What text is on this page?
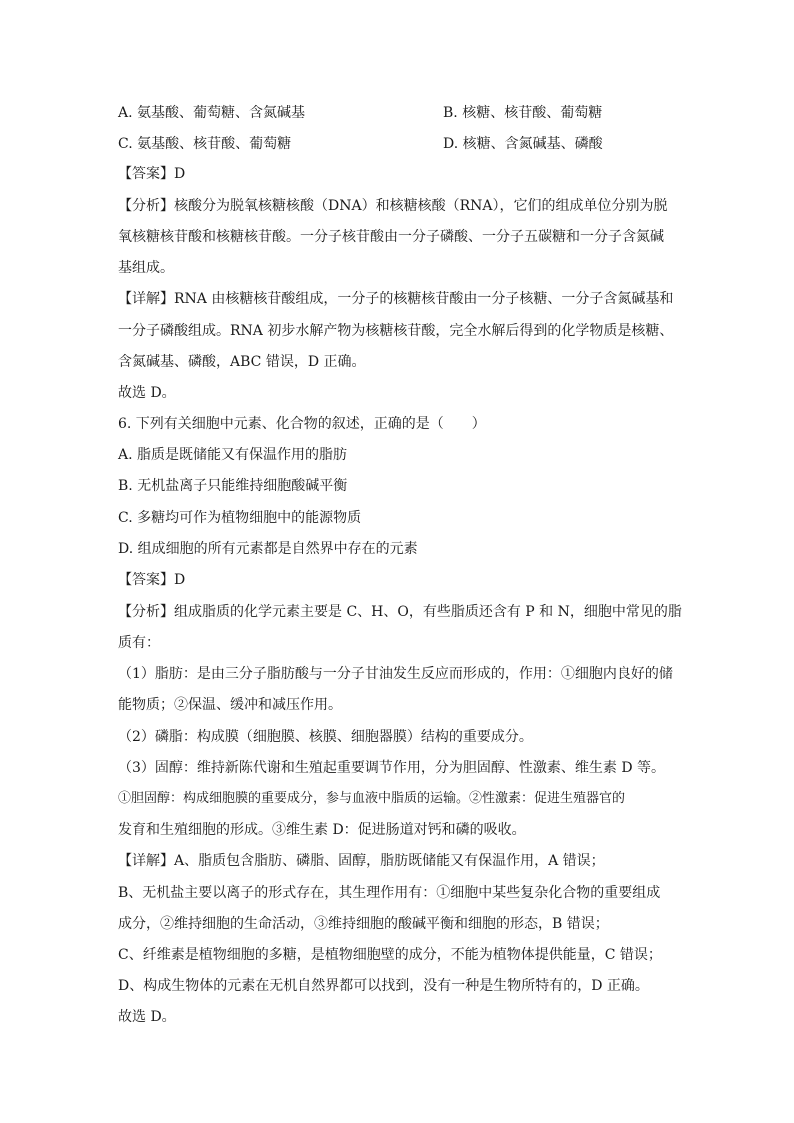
A. 氨基酸、葡萄糖、含氮碱基	B. 核糖、核苷酸、葡萄糖
C. 氨基酸、核苷酸、葡萄糖	D. 核糖、含氮碱基、磷酸
【答案】D
【分析】核酸分为脱氧核糖核酸（DNA）和核糖核酸（RNA），它们的组成单位分别为脱
氧核糖核苷酸和核糖核苷酸。一分子核苷酸由一分子磷酸、一分子五碳糖和一分子含氮碱
基组成。
【详解】RNA 由核糖核苷酸组成，一分子的核糖核苷酸由一分子核糖、一分子含氮碱基和
一分子磷酸组成。RNA 初步水解产物为核糖核苷酸，完全水解后得到的化学物质是核糖、
含氮碱基、磷酸，ABC 错误，D 正确。
故选 D。
6. 下列有关细胞中元素、化合物的叙述，正确的是（　　）
A. 脂质是既储能又有保温作用的脂肪
B. 无机盐离子只能维持细胞酸碱平衡
C. 多糖均可作为植物细胞中的能源物质
D. 组成细胞的所有元素都是自然界中存在的元素
【答案】D
【分析】组成脂质的化学元素主要是 C、H、O，有些脂质还含有 P 和 N，细胞中常见的脂
质有：
（1）脂肪：是由三分子脂肪酸与一分子甘油发生反应而形成的，作用：①细胞内良好的储
能物质；②保温、缓冲和减压作用。
（2）磷脂：构成膜（细胞膜、核膜、细胞器膜）结构的重要成分。
（3）固醇：维持新陈代谢和生殖起重要调节作用，分为胆固醇、性激素、维生素 D 等。
①胆固醇：构成细胞膜的重要成分，参与血液中脂质的运输。②性激素：促进生殖器官的
发育和生殖细胞的形成。③维生素 D：促进肠道对钙和磷的吸收。
【详解】A、脂质包含脂肪、磷脂、固醇，脂肪既储能又有保温作用，A 错误；
B、无机盐主要以离子的形式存在，其生理作用有：①细胞中某些复杂化合物的重要组成
成分，②维持细胞的生命活动，③维持细胞的酸碱平衡和细胞的形态，B 错误；
C、纤维素是植物细胞的多糖，是植物细胞壁的成分，不能为植物体提供能量，C 错误；
D、构成生物体的元素在无机自然界都可以找到，没有一种是生物所特有的，D 正确。
故选 D。
